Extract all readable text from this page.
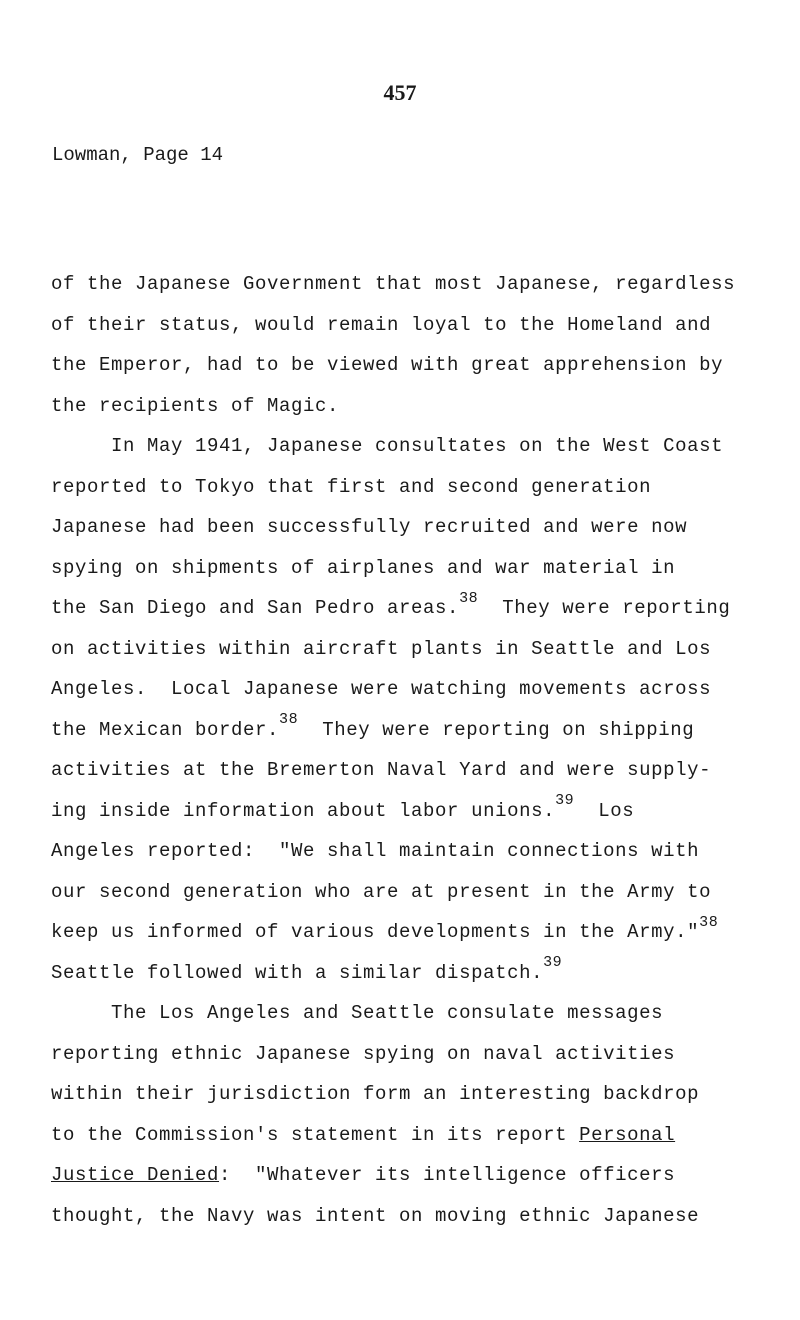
457
Lowman, Page 14
of the Japanese Government that most Japanese, regardless
of their status, would remain loyal to the Homeland and
the Emperor, had to be viewed with great apprehension by
the recipients of Magic.
In May 1941, Japanese consultates on the West Coast
reported to Tokyo that first and second generation
Japanese had been successfully recruited and were now
spying on shipments of airplanes and war material in
the San Diego and San Pedro areas.$^{38}$  They were reporting
on activities within aircraft plants in Seattle and Los
Angeles.  Local Japanese were watching movements across
the Mexican border.$^{38}$  They were reporting on shipping
activities at the Bremerton Naval Yard and were supply-
ing inside information about labor unions.$^{39}$  Los
Angeles reported:  "We shall maintain connections with
our second generation who are at present in the Army to
keep us informed of various developments in the Army."$^{38}$
Seattle followed with a similar dispatch.$^{39}$
The Los Angeles and Seattle consulate messages
reporting ethnic Japanese spying on naval activities
within their jurisdiction form an interesting backdrop
to the Commission's statement in its report Personal
Justice Denied:  "Whatever its intelligence officers
thought, the Navy was intent on moving ethnic Japanese
